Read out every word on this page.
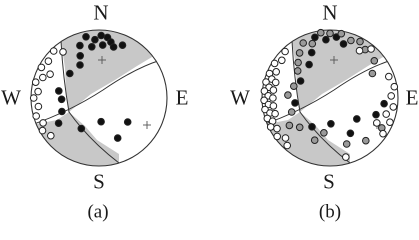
N
S
W	E
(a)
N
S
W	E
(b)
